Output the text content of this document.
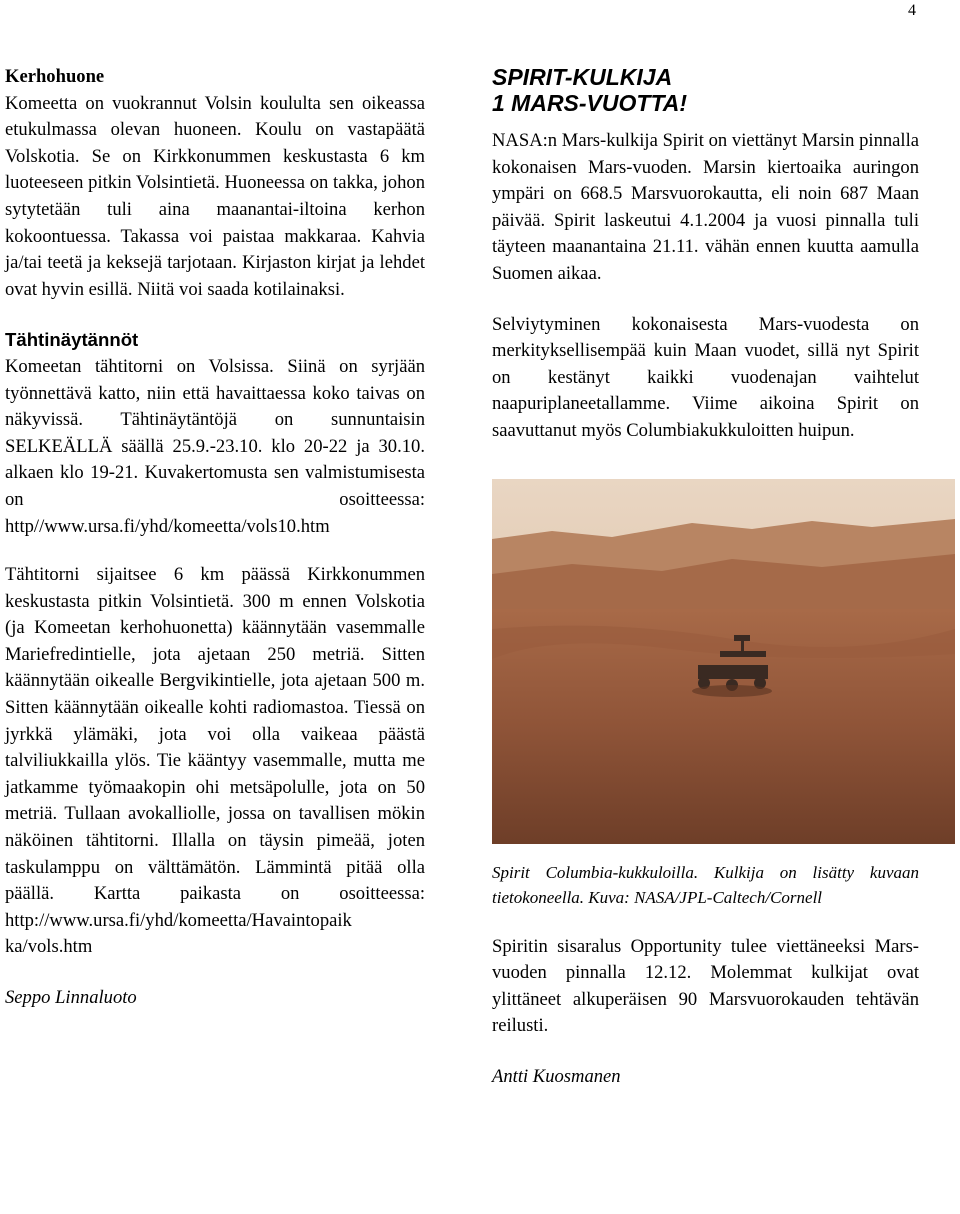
4

Kerhohuone

Komeetta on vuokrannut Volsin koululta sen oikeassa etukulmassa olevan huoneen. Koulu on vastapäätä Volskotia. Se on Kirkkonummen keskustasta 6 km luoteeseen pitkin Volsintietä. Huoneessa on takka, johon sytytetään tuli aina maanantai-iltoina kerhon kokoontuessa. Takassa voi paistaa makkaraa. Kahvia ja/tai teetä ja keksejä tarjotaan. Kirjaston kirjat ja lehdet ovat hyvin esillä. Niitä voi saada kotilainaksi.

Tähtinäytännöt

Komeetan tähtitorni on Volsissa. Siinä on syrjään työnnettävä katto, niin että havaittaessa koko taivas on näkyvissä. Tähtinäytäntöjä on sunnuntaisin SELKEÄLLÄ säällä 25.9.-23.10. klo 20-22 ja 30.10. alkaen klo 19-21. Kuvakertomusta sen valmistumisesta on osoitteessa: http//www.ursa.fi/yhd/komeetta/vols10.htm

Tähtitorni sijaitsee 6 km päässä Kirkkonummen keskustasta pitkin Volsintietä. 300 m ennen Volskotia (ja Komeetan kerhohuonetta) käännytään vasemmalle Mariefredintielle, jota ajetaan 250 metriä. Sitten käännytään oikealle Bergvikintielle, jota ajetaan 500 m. Sitten käännytään oikealle kohti radiomastoa. Tiessä on jyrkkä ylämäki, jota voi olla vaikeaa päästä talviliukkailla ylös. Tie kääntyy vasemmalle, mutta me jatkamme työmaakopin ohi metsäpolulle, jota on 50 metriä. Tullaan avokalliolle, jossa on tavallisen mökin näköinen tähtitorni. Illalla on täysin pimeää, joten taskulamppu on välttämätön. Lämmintä pitää olla päällä. Kartta paikasta on osoitteessa: http://www.ursa.fi/yhd/komeetta/Havaintopaik ka/vols.htm

Seppo Linnaluoto

SPIRIT-KULKIJA

1 MARS-VUOTTA!

NASA:n Mars-kulkija Spirit on viettänyt Marsin pinnalla kokonaisen Mars-vuoden. Marsin kiertoaika auringon ympäri on 668.5 Marsvuorokautta, eli noin 687 Maan päivää. Spirit laskeutui 4.1.2004 ja vuosi pinnalla tuli täyteen maanantaina 21.11. vähän ennen kuutta aamulla Suomen aikaa.

Selviytyminen kokonaisesta Mars-vuodesta on merkityksellisempää kuin Maan vuodet, sillä nyt Spirit on kestänyt kaikki vuodenajan vaihtelut naapuriplaneetallamme. Viime aikoina Spirit on saavuttanut myös Columbiakukkuloitten huipun.

Spirit Columbia-kukkuloilla. Kulkija on lisätty kuvaan tietokoneella. Kuva: NASA/JPL-Caltech/Cornell

Spiritin sisaralus Opportunity tulee viettäneeksi Mars-vuoden pinnalla 12.12. Molemmat kulkijat ovat ylittäneet alkuperäisen 90 Marsvuorokauden tehtävän reilusti.

Antti Kuosmanen
